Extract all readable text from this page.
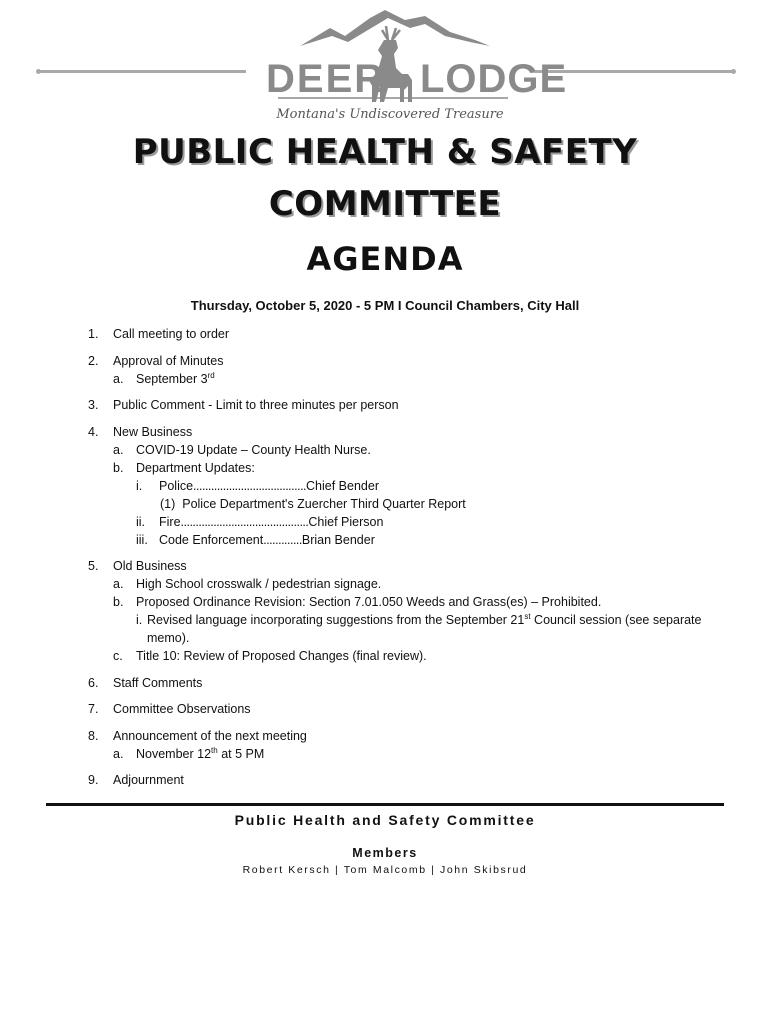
DEER LODGE
Montana's Undiscovered Treasure
PUBLIC HEALTH & SAFETY
COMMITTEE
AGENDA
Thursday, October 5, 2020 - 5 PM I Council Chambers, City Hall
1. Call meeting to order
2. Approval of Minutes
a. September 3rd
3. Public Comment - Limit to three minutes per person
4. New Business
a. COVID-19 Update – County Health Nurse.
b. Department Updates:
i. Police......................................Chief Bender
(1) Police Department's Zuercher Third Quarter Report
ii. Fire...........................................Chief Pierson
iii. Code Enforcement.............Brian Bender
5. Old Business
a. High School crosswalk / pedestrian signage.
b. Proposed Ordinance Revision: Section 7.01.050 Weeds and Grass(es) – Prohibited.
i. Revised language incorporating suggestions from the September 21st Council session (see separate memo).
c. Title 10: Review of Proposed Changes (final review).
6. Staff Comments
7. Committee Observations
8. Announcement of the next meeting
a. November 12th at 5 PM
9. Adjournment
Public Health and Safety Committee
Members
Robert Kersch | Tom Malcomb | John Skibsrud
